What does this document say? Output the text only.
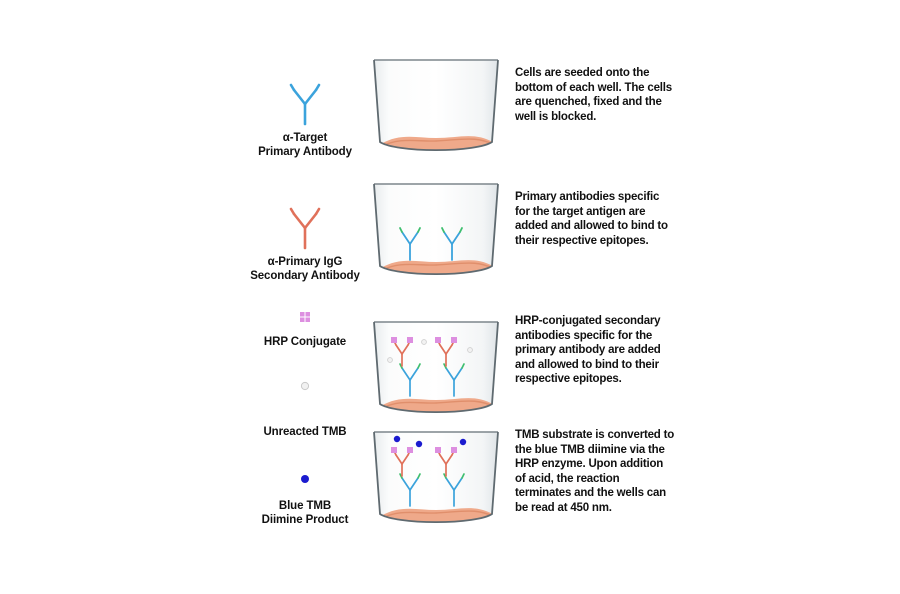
α-Target
Primary Antibody
Cells are seeded onto the bottom of each well. The cells are quenched, fixed and the well is blocked.
α-Primary IgG
Secondary Antibody
Primary antibodies specific for the target antigen are added and allowed to bind to their respective epitopes.
HRP Conjugate
Unreacted TMB
HRP-conjugated secondary antibodies specific for the primary antibody are added and allowed to bind to their respective epitopes.
Blue TMB
Diimine Product
TMB substrate is converted to the blue TMB diimine via the HRP enzyme. Upon addition of acid, the reaction terminates and the wells can be read at 450 nm.
